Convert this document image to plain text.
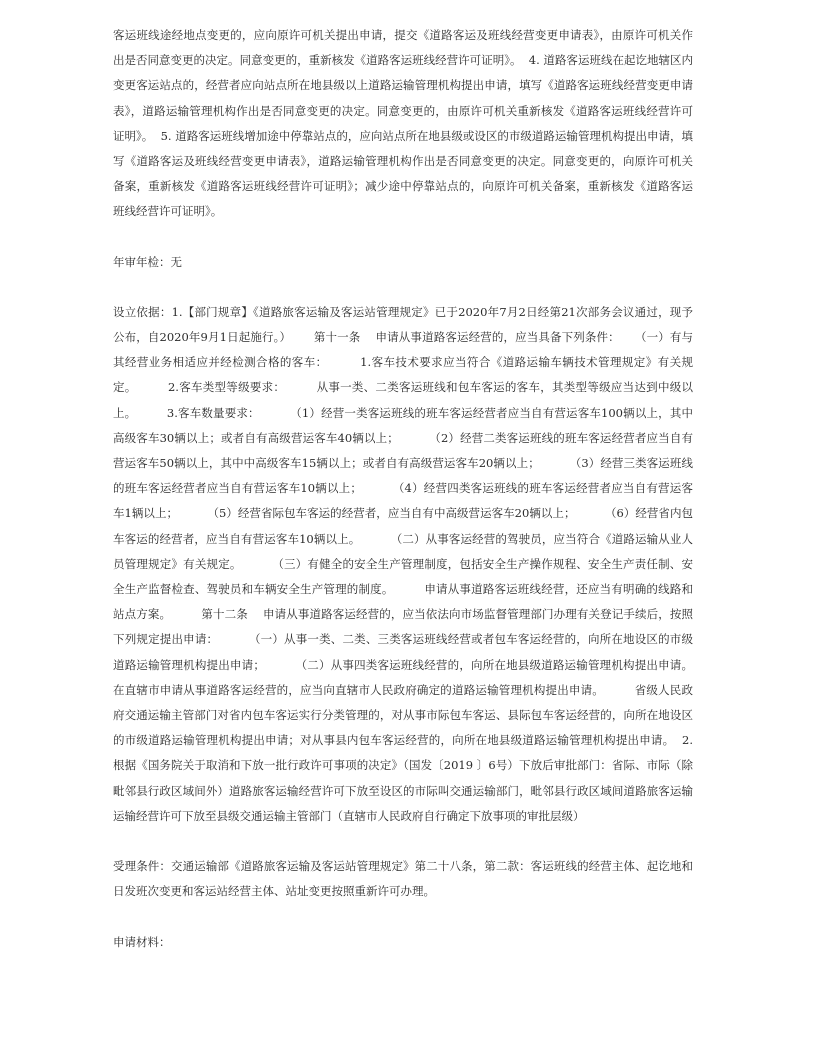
客运班线途经地点变更的，应向原许可机关提出申请，提交《道路客运及班线经营变更申请表》，由原许可机关作出是否同意变更的决定。同意变更的，重新核发《道路客运班线经营许可证明》。  4. 道路客运班线在起讫地辖区内变更客运站点的，经营者应向站点所在地县级以上道路运输管理机构提出申请，填写《道路客运班线经营变更申请表》，道路运输管理机构作出是否同意变更的决定。同意变更的，由原许可机关重新核发《道路客运班线经营许可证明》。  5. 道路客运班线增加途中停靠站点的，应向站点所在地县级或设区的市级道路运输管理机构提出申请，填写《道路客运及班线经营变更申请表》，道路运输管理机构作出是否同意变更的决定。同意变更的，向原许可机关备案，重新核发《道路客运班线经营许可证明》；减少途中停靠站点的，向原许可机关备案，重新核发《道路客运班线经营许可证明》。

年审年检：无

设立依据：1.【部门规章】《道路旅客运输及客运站管理规定》已于2020年7月2日经第21次部务会议通过，现予公布，自2020年9月1日起施行。）      第十一条    申请从事道路客运经营的，应当具备下列条件：    （一）有与其经营业务相适应并经检测合格的客车：        1.客车技术要求应当符合《道路运输车辆技术管理规定》有关规定。        2.客车类型等级要求：        从事一类、二类客运班线和包车客运的客车，其类型等级应当达到中级以上。        3.客车数量要求：        （1）经营一类客运班线的班车客运经营者应当自有营运客车100辆以上，其中高级客车30辆以上；或者自有高级营运客车40辆以上；        （2）经营二类客运班线的班车客运经营者应当自有营运客车50辆以上，其中中高级客车15辆以上；或者自有高级营运客车20辆以上；        （3）经营三类客运班线的班车客运经营者应当自有营运客车10辆以上；        （4）经营四类客运班线的班车客运经营者应当自有营运客车1辆以上；        （5）经营省际包车客运的经营者，应当自有中高级营运客车20辆以上；        （6）经营省内包车客运的经营者，应当自有营运客车10辆以上。        （二）从事客运经营的驾驶员，应当符合《道路运输从业人员管理规定》有关规定。        （三）有健全的安全生产管理制度，包括安全生产操作规程、安全生产责任制、安全生产监督检查、驾驶员和车辆安全生产管理的制度。        申请从事道路客运班线经营，还应当有明确的线路和站点方案。        第十二条    申请从事道路客运经营的，应当依法向市场监督管理部门办理有关登记手续后，按照下列规定提出申请：        （一）从事一类、二类、三类客运班线经营或者包车客运经营的，向所在地设区的市级道路运输管理机构提出申请；        （二）从事四类客运班线经营的，向所在地县级道路运输管理机构提出申请。        在直辖市申请从事道路客运经营的，应当向直辖市人民政府确定的道路运输管理机构提出申请。        省级人民政府交通运输主管部门对省内包车客运实行分类管理的，对从事市际包车客运、县际包车客运经营的，向所在地设区的市级道路运输管理机构提出申请；对从事县内包车客运经营的，向所在地县级道路运输管理机构提出申请。  2.根据《国务院关于取消和下放一批行政许可事项的决定》（国发〔2019 〕6号）下放后审批部门：省际、市际（除毗邻县行政区域间外）道路旅客运输经营许可下放至设区的市际叫交通运输部门，毗邻县行政区域间道路旅客运输运输经营许可下放至县级交通运输主管部门（直辖市人民政府自行确定下放事项的审批层级）

受理条件：交通运输部《道路旅客运输及客运站管理规定》第二十八条，第二款：客运班线的经营主体、起讫地和日发班次变更和客运站经营主体、站址变更按照重新许可办理。

申请材料：
